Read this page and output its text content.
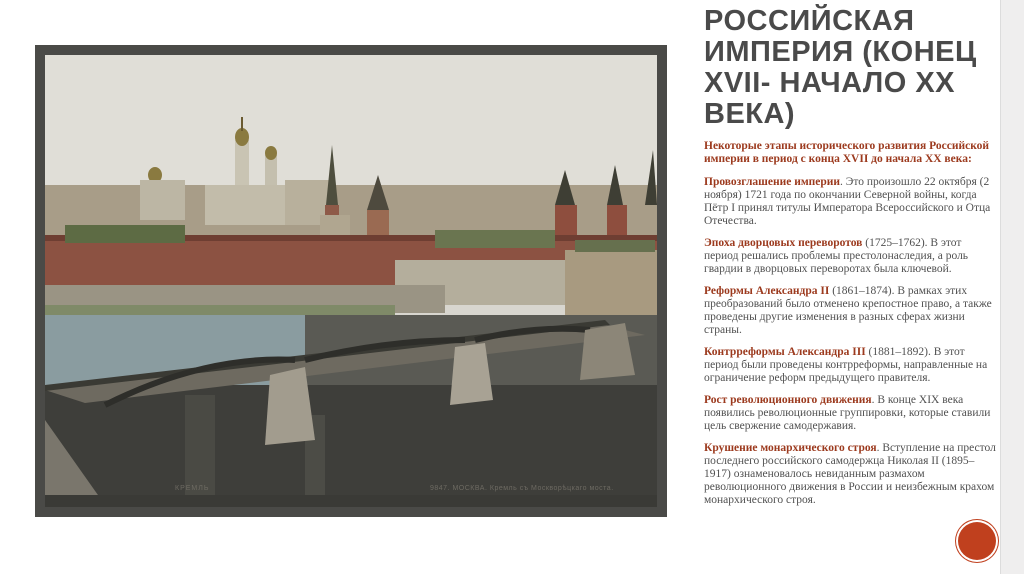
КРЕМЛЬ	9847. МОСКВА. Кремль съ Москворѣцкаго моста.
РОССИЙСКАЯ ИМПЕРИЯ (КОНЕЦ XVII- НАЧАЛО XX ВЕКА)

Некоторые этапы исторического развития Российской империи в период с конца XVII до начала XX века:

Провозглашение империи. Это произошло 22 октября (2 ноября) 1721 года по окончании Северной войны, когда Пётр I принял титулы Императора Всероссийского и Отца Отечества.

Эпоха дворцовых переворотов (1725–1762). В этот период решались проблемы престолонаследия, а роль гвардии в дворцовых переворотах была ключевой.

Реформы Александра II (1861–1874). В рамках этих преобразований было отменено крепостное право, а также проведены другие изменения в разных сферах жизни страны.

Контрреформы Александра III (1881–1892). В этот период были проведены контрреформы, направленные на ограничение реформ предыдущего правителя.

Рост революционного движения. В конце XIX века появились революционные группировки, которые ставили цель свержение самодержавия.

Крушение монархического строя. Вступление на престол последнего российского самодержца Николая II (1895–1917) ознаменовалось невиданным размахом революционного движения в России и неизбежным крахом монархического строя.
